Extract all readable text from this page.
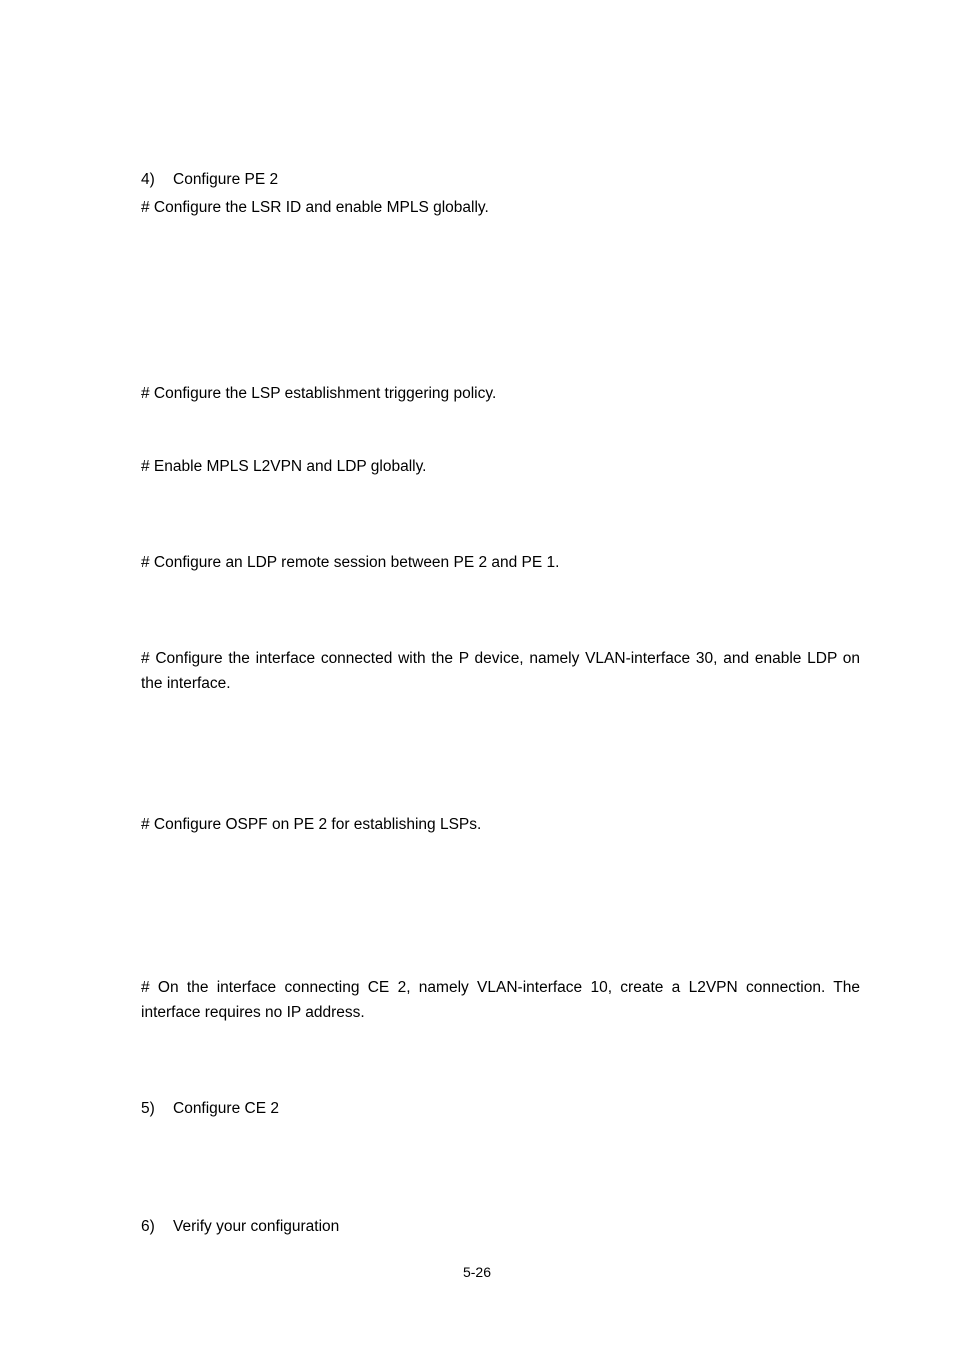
4) Configure PE 2
# Configure the LSR ID and enable MPLS globally.
# Configure the LSP establishment triggering policy.
# Enable MPLS L2VPN and LDP globally.
# Configure an LDP remote session between PE 2 and PE 1.
# Configure the interface connected with the P device, namely VLAN-interface 30, and enable LDP on the interface.
# Configure OSPF on PE 2 for establishing LSPs.
# On the interface connecting CE 2, namely VLAN-interface 10, create a L2VPN connection. The interface requires no IP address.
5) Configure CE 2
6) Verify your configuration
5-26
